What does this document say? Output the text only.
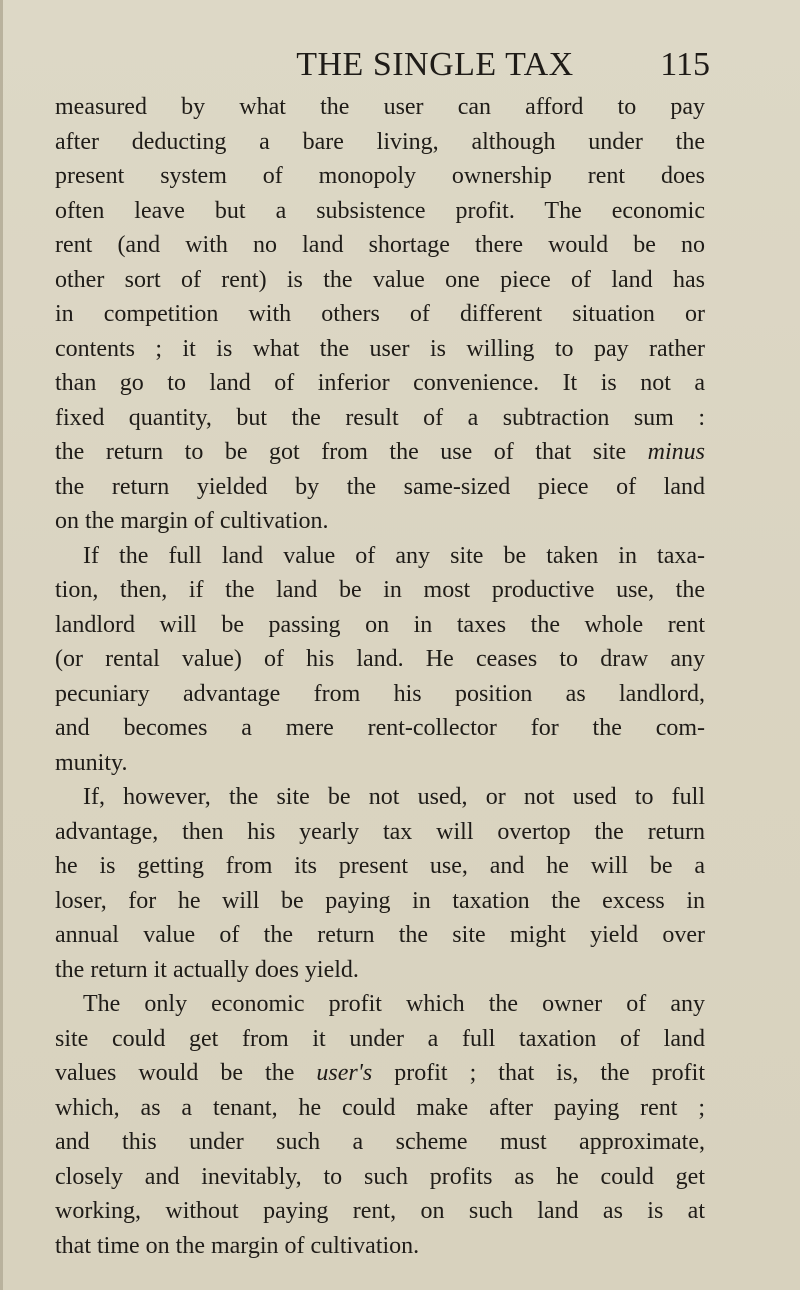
THE SINGLE TAX	115
measured by what the user can afford to pay
after deducting a bare living, although under the
present system of monopoly ownership rent does
often leave but a subsistence profit. The economic
rent (and with no land shortage there would be no
other sort of rent) is the value one piece of land has
in competition with others of different situation or
contents ; it is what the user is willing to pay rather
than go to land of inferior convenience. It is not a
fixed quantity, but the result of a subtraction sum :
the return to be got from the use of that site minus
the return yielded by the same-sized piece of land
on the margin of cultivation.
If the full land value of any site be taken in taxa-
tion, then, if the land be in most productive use, the
landlord will be passing on in taxes the whole rent
(or rental value) of his land. He ceases to draw any
pecuniary advantage from his position as landlord,
and becomes a mere rent-collector for the com-
munity.
If, however, the site be not used, or not used to full
advantage, then his yearly tax will overtop the return
he is getting from its present use, and he will be a
loser, for he will be paying in taxation the excess in
annual value of the return the site might yield over
the return it actually does yield.
The only economic profit which the owner of any
site could get from it under a full taxation of land
values would be the user's profit ; that is, the profit
which, as a tenant, he could make after paying rent ;
and this under such a scheme must approximate,
closely and inevitably, to such profits as he could get
working, without paying rent, on such land as is at
that time on the margin of cultivation.
